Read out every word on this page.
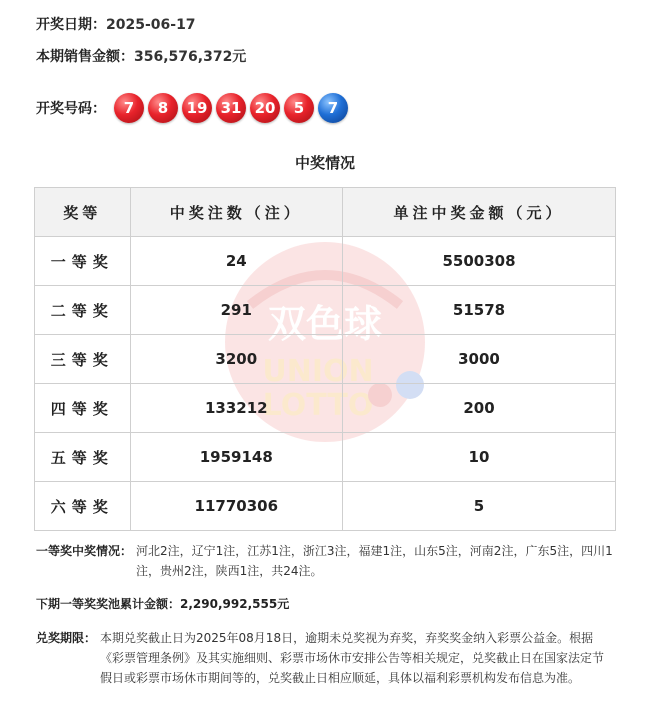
开奖日期：2025-06-17
本期销售金额：356,576,372元
开奖号码：	7	8	19 31 20	5	7
中奖情况
双色球
UNION
LOTTO
奖等	中奖注数（注）	单注中奖金额（元）
一等奖	24	5500308
二等奖	291	51578
三等奖	3200	3000
四等奖	133212	200
五等奖	1959148	10
六等奖	11770306	5
一等奖中奖情况： 河北2注，辽宁1注，江苏1注，浙江3注，福建1注，山东5注，河南2注，广东5注，四川1注，贵州2注，陕西1注，共24注。
下期一等奖奖池累计金额：2,290,992,555元
兑奖期限： 本期兑奖截止日为2025年08月18日，逾期未兑奖视为弃奖，弃奖奖金纳入彩票公益金。根据《彩票管理条例》及其实施细则、彩票市场休市安排公告等相关规定，兑奖截止日在国家法定节假日或彩票市场休市期间等的，兑奖截止日相应顺延，具体以福利彩票机构发布信息为准。
